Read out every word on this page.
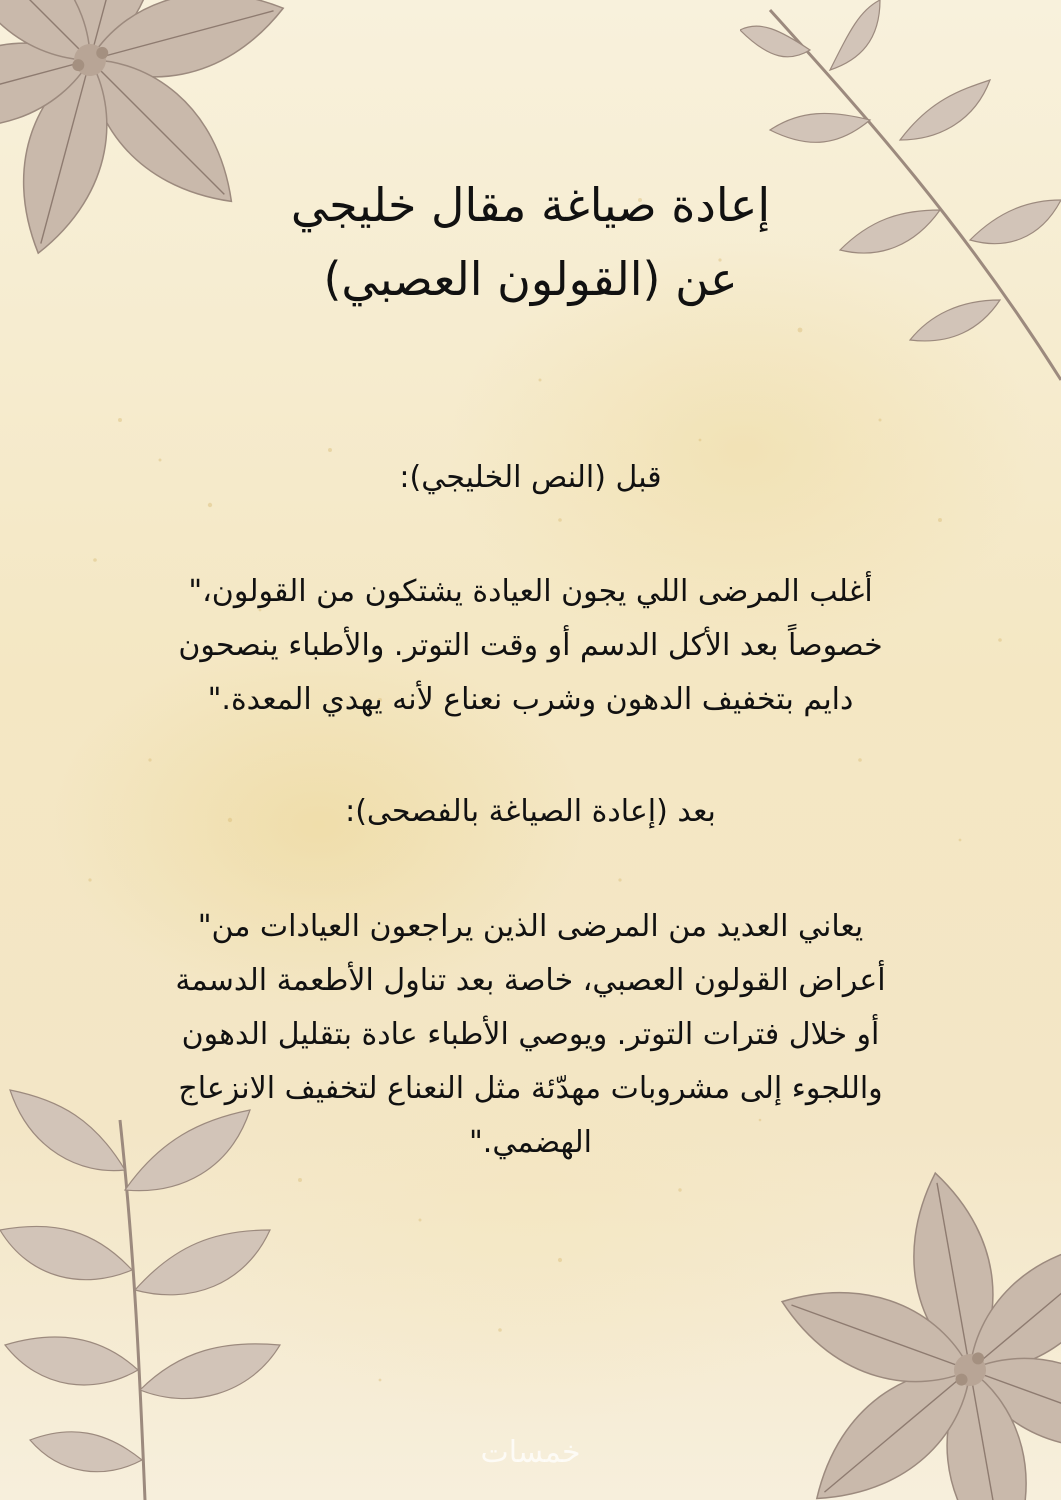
إعادة صياغة مقال خليجي
عن (القولون العصبي)
قبل (النص الخليجي):
أغلب المرضى اللي يجون العيادة يشتكون من القولون،"
خصوصاً بعد الأكل الدسم أو وقت التوتر. والأطباء ينصحون
دايم بتخفيف الدهون وشرب نعناع لأنه يهدي المعدة."
بعد (إعادة الصياغة بالفصحى):
يعاني العديد من المرضى الذين يراجعون العيادات من"
أعراض القولون العصبي، خاصة بعد تناول الأطعمة الدسمة
أو خلال فترات التوتر. ويوصي الأطباء عادة بتقليل الدهون
واللجوء إلى مشروبات مهدّئة مثل النعناع لتخفيف الانزعاج
الهضمي."
خمسات
